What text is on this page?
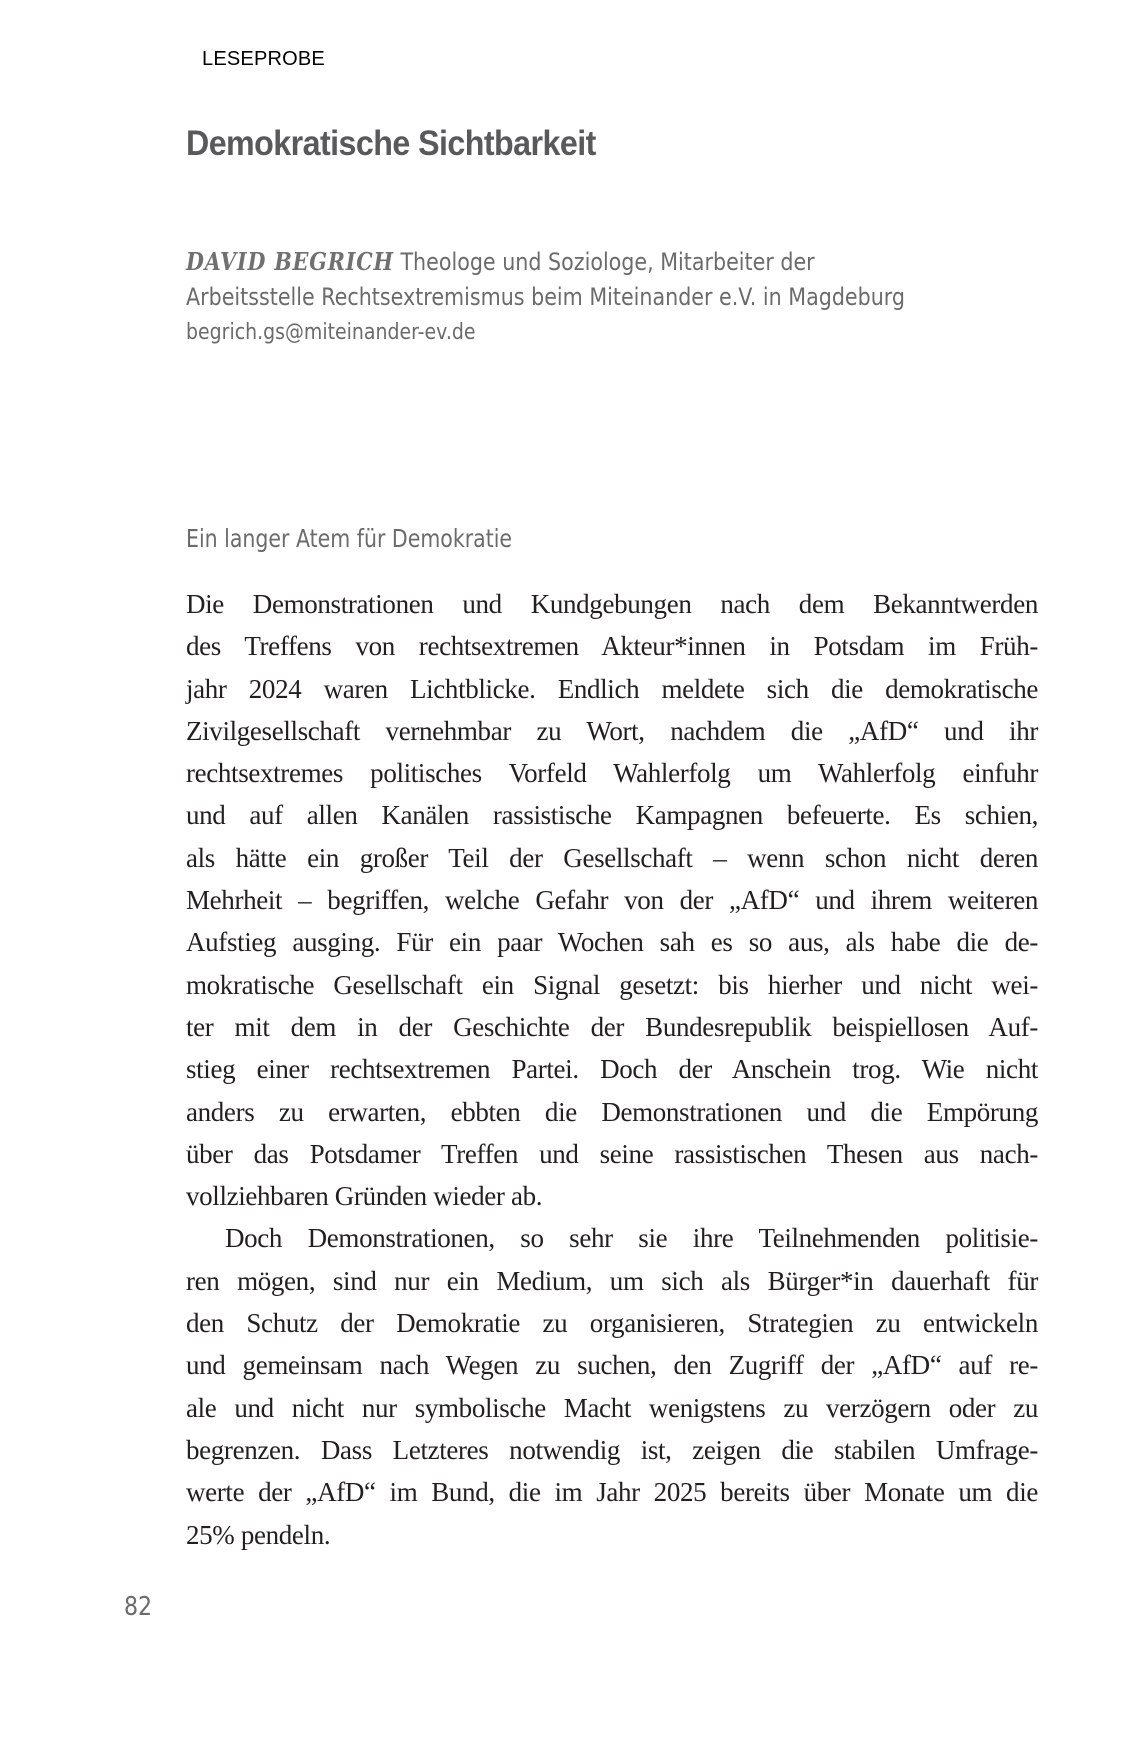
LESEPROBE
Demokratische Sichtbarkeit
DAVID BEGRICH Theologe und Soziologe, Mitarbeiter der
Arbeitsstelle Rechtsextremismus beim Miteinander e.V. in Magdeburg
begrich.gs@miteinander-ev.de
Ein langer Atem für Demokratie
Die Demonstrationen und Kundgebungen nach dem Bekanntwerden
des Treffens von rechtsextremen Akteur*innen in Potsdam im Früh-
jahr 2024 waren Lichtblicke. Endlich meldete sich die demokratische
Zivilgesellschaft vernehmbar zu Wort, nachdem die „AfD“ und ihr
rechtsextremes politisches Vorfeld Wahlerfolg um Wahlerfolg einfuhr
und auf allen Kanälen rassistische Kampagnen befeuerte. Es schien,
als hätte ein großer Teil der Gesellschaft – wenn schon nicht deren
Mehrheit – begriffen, welche Gefahr von der „AfD“ und ihrem weiteren
Aufstieg ausging. Für ein paar Wochen sah es so aus, als habe die de-
mokratische Gesellschaft ein Signal gesetzt: bis hierher und nicht wei-
ter mit dem in der Geschichte der Bundesrepublik beispiellosen Auf-
stieg einer rechtsextremen Partei. Doch der Anschein trog. Wie nicht
anders zu erwarten, ebbten die Demonstrationen und die Empörung
über das Potsdamer Treffen und seine rassistischen Thesen aus nach-
vollziehbaren Gründen wieder ab.
Doch Demonstrationen, so sehr sie ihre Teilnehmenden politisie-
ren mögen, sind nur ein Medium, um sich als Bürger*in dauerhaft für
den Schutz der Demokratie zu organisieren, Strategien zu entwickeln
und gemeinsam nach Wegen zu suchen, den Zugriff der „AfD“ auf re-
ale und nicht nur symbolische Macht wenigstens zu verzögern oder zu
begrenzen. Dass Letzteres notwendig ist, zeigen die stabilen Umfrage-
werte der „AfD“ im Bund, die im Jahr 2025 bereits über Monate um die
25% pendeln.
82
